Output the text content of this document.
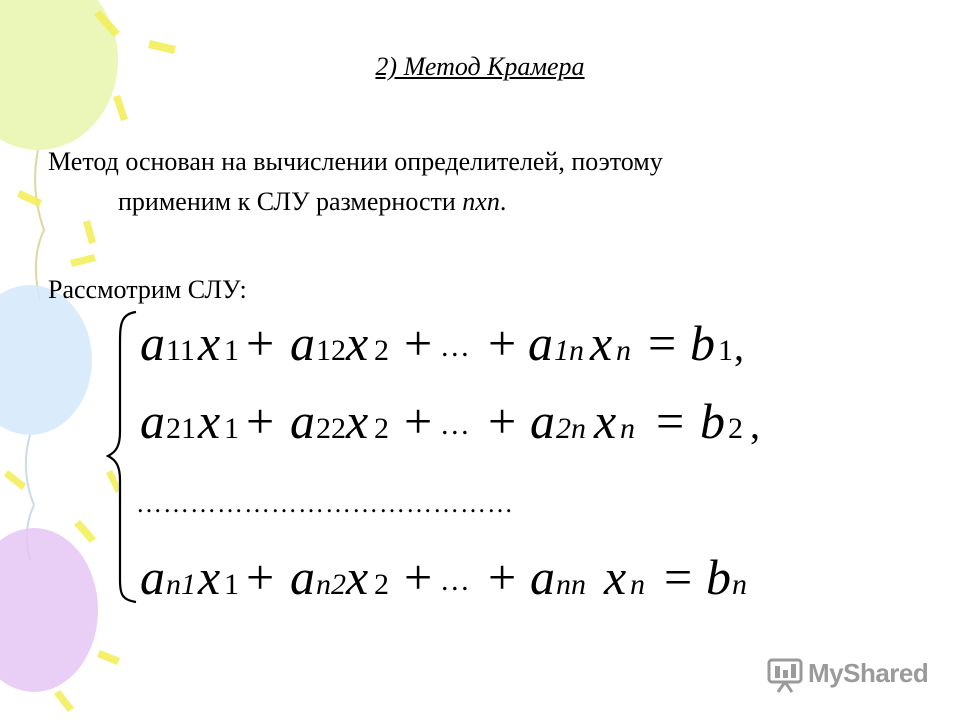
2) Метод Крамера
Метод основан на вычислении определителей, поэтому
применим к СЛУ размерности nxn.
Рассмотрим СЛУ:
a 11 x 1 + a 12 x 2 + … + a 1n x n = b 1 ,
a 21 x 1 + a 22 x 2 + … + a 2n x n = b 2 ,
……………………………………
a n1 x 1 + a n2 x 2 + … + a nn x n = b n
MyShared
